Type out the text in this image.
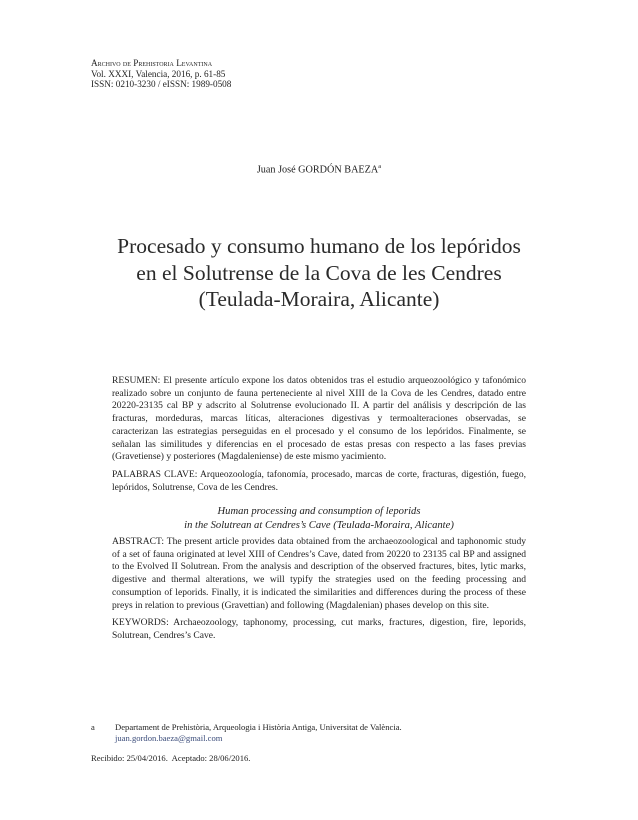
Archivo de Prehistoria Levantina
Vol. XXXI, Valencia, 2016, p. 61-85
ISSN: 0210-3230 / eISSN: 1989-0508
Juan José GORDÓN BAEZA$^a$
Procesado y consumo humano de los lepóridos
en el Solutrense de la Cova de les Cendres
(Teulada-Moraira, Alicante)

RESUMEN: El presente artículo expone los datos obtenidos tras el estudio arqueozoológico y tafonómico realizado sobre un conjunto de fauna perteneciente al nivel XIII de la Cova de les Cendres, datado entre 20220-23135 cal BP y adscrito al Solutrense evolucionado II. A partir del análisis y descripción de las fracturas, mordeduras, marcas líticas, alteraciones digestivas y termoalteraciones observadas, se caracterizan las estrategias perseguidas en el procesado y el consumo de los lepóridos. Finalmente, se señalan las similitudes y diferencias en el procesado de estas presas con respecto a las fases previas (Gravetiense) y posteriores (Magdaleniense) de este mismo yacimiento.

PALABRAS CLAVE: Arqueozoología, tafonomía, procesado, marcas de corte, fracturas, digestión, fuego, lepóridos, Solutrense, Cova de les Cendres.

Human processing and consumption of leporids
in the Solutrean at Cendres’s Cave (Teulada-Moraira, Alicante)

ABSTRACT: The present article provides data obtained from the archaeozoological and taphonomic study of a set of fauna originated at level XIII of Cendres’s Cave, dated from 20220 to 23135 cal BP and assigned to the Evolved II Solutrean. From the analysis and description of the observed fractures, bites, lytic marks, digestive and thermal alterations, we will typify the strategies used on the feeding processing and consumption of leporids. Finally, it is indicated the similarities and differences during the process of these preys in relation to previous (Gravettian) and following (Magdalenian) phases develop on this site.

KEYWORDS: Archaeozoology, taphonomy, processing, cut marks, fractures, digestion, fire, leporids, Solutrean, Cendres’s Cave.

a Departament de Prehistòria, Arqueologia i Història Antiga, Universitat de València.
juan.gordon.baeza@gmail.com
Recibido: 25/04/2016.  Aceptado: 28/06/2016.
